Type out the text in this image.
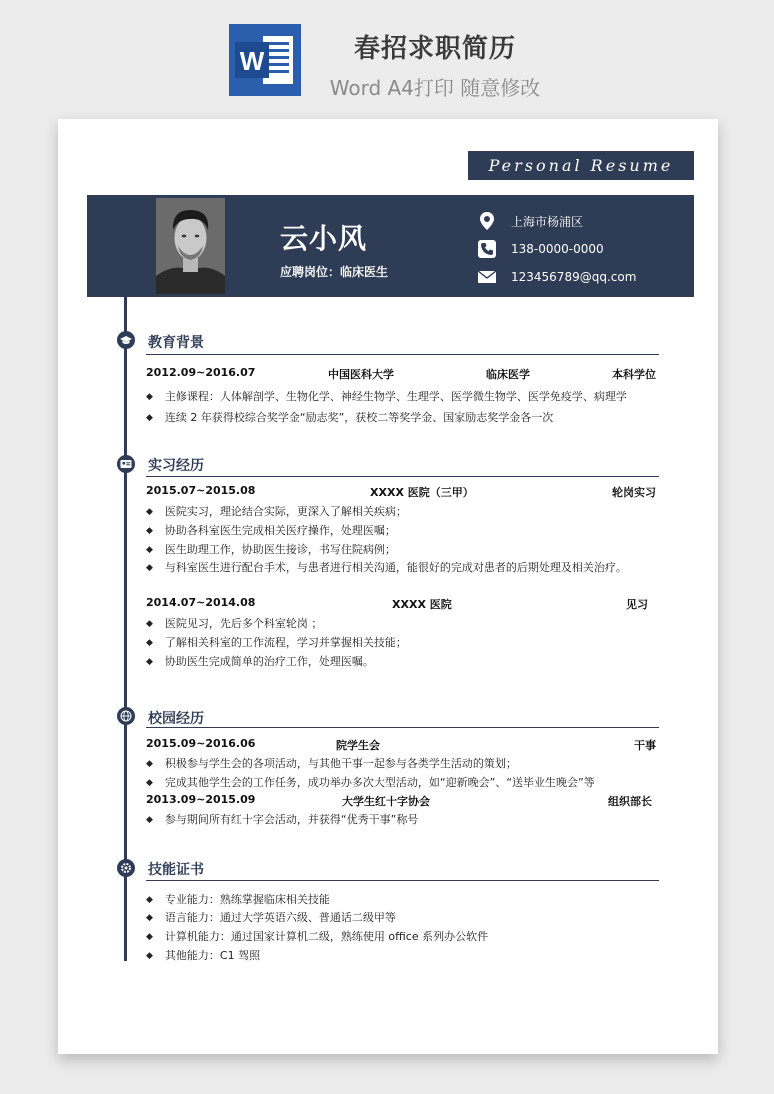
W	春招求职简历
Word A4打印 随意修改
Personal Resume
云小风
应聘岗位：临床医生
上海市杨浦区
138-0000-0000
123456789@qq.com
教育背景
2012.09~2016.07	中国医科大学	临床医学	本科学位
◆ 主修课程：人体解剖学、生物化学、神经生物学、生理学、医学微生物学、医学免疫学、病理学
◆ 连续 2 年获得校综合奖学金“励志奖”，获校二等奖学金、国家励志奖学金各一次
实习经历
2015.07~2015.08	XXXX 医院（三甲）	轮岗实习
◆ 医院实习，理论结合实际，更深入了解相关疾病；
◆ 协助各科室医生完成相关医疗操作，处理医嘱；
◆ 医生助理工作，协助医生接诊，书写住院病例；
◆ 与科室医生进行配台手术，与患者进行相关沟通，能很好的完成对患者的后期处理及相关治疗。
2014.07~2014.08	XXXX 医院	见习
◆ 医院见习，先后多个科室轮岗 ；
◆ 了解相关科室的工作流程，学习并掌握相关技能；
◆ 协助医生完成简单的治疗工作，处理医嘱。
校园经历
2015.09~2016.06	院学生会	干事
◆ 积极参与学生会的各项活动，与其他干事一起参与各类学生活动的策划；
◆ 完成其他学生会的工作任务，成功举办多次大型活动，如“迎新晚会”、“送毕业生晚会”等
2013.09~2015.09	大学生红十字协会	组织部长
◆ 参与期间所有红十字会活动，并获得“优秀干事”称号
技能证书
◆ 专业能力：熟练掌握临床相关技能
◆ 语言能力：通过大学英语六级、普通话二级甲等
◆ 计算机能力：通过国家计算机二级，熟练使用 office 系列办公软件
◆ 其他能力：C1 驾照
